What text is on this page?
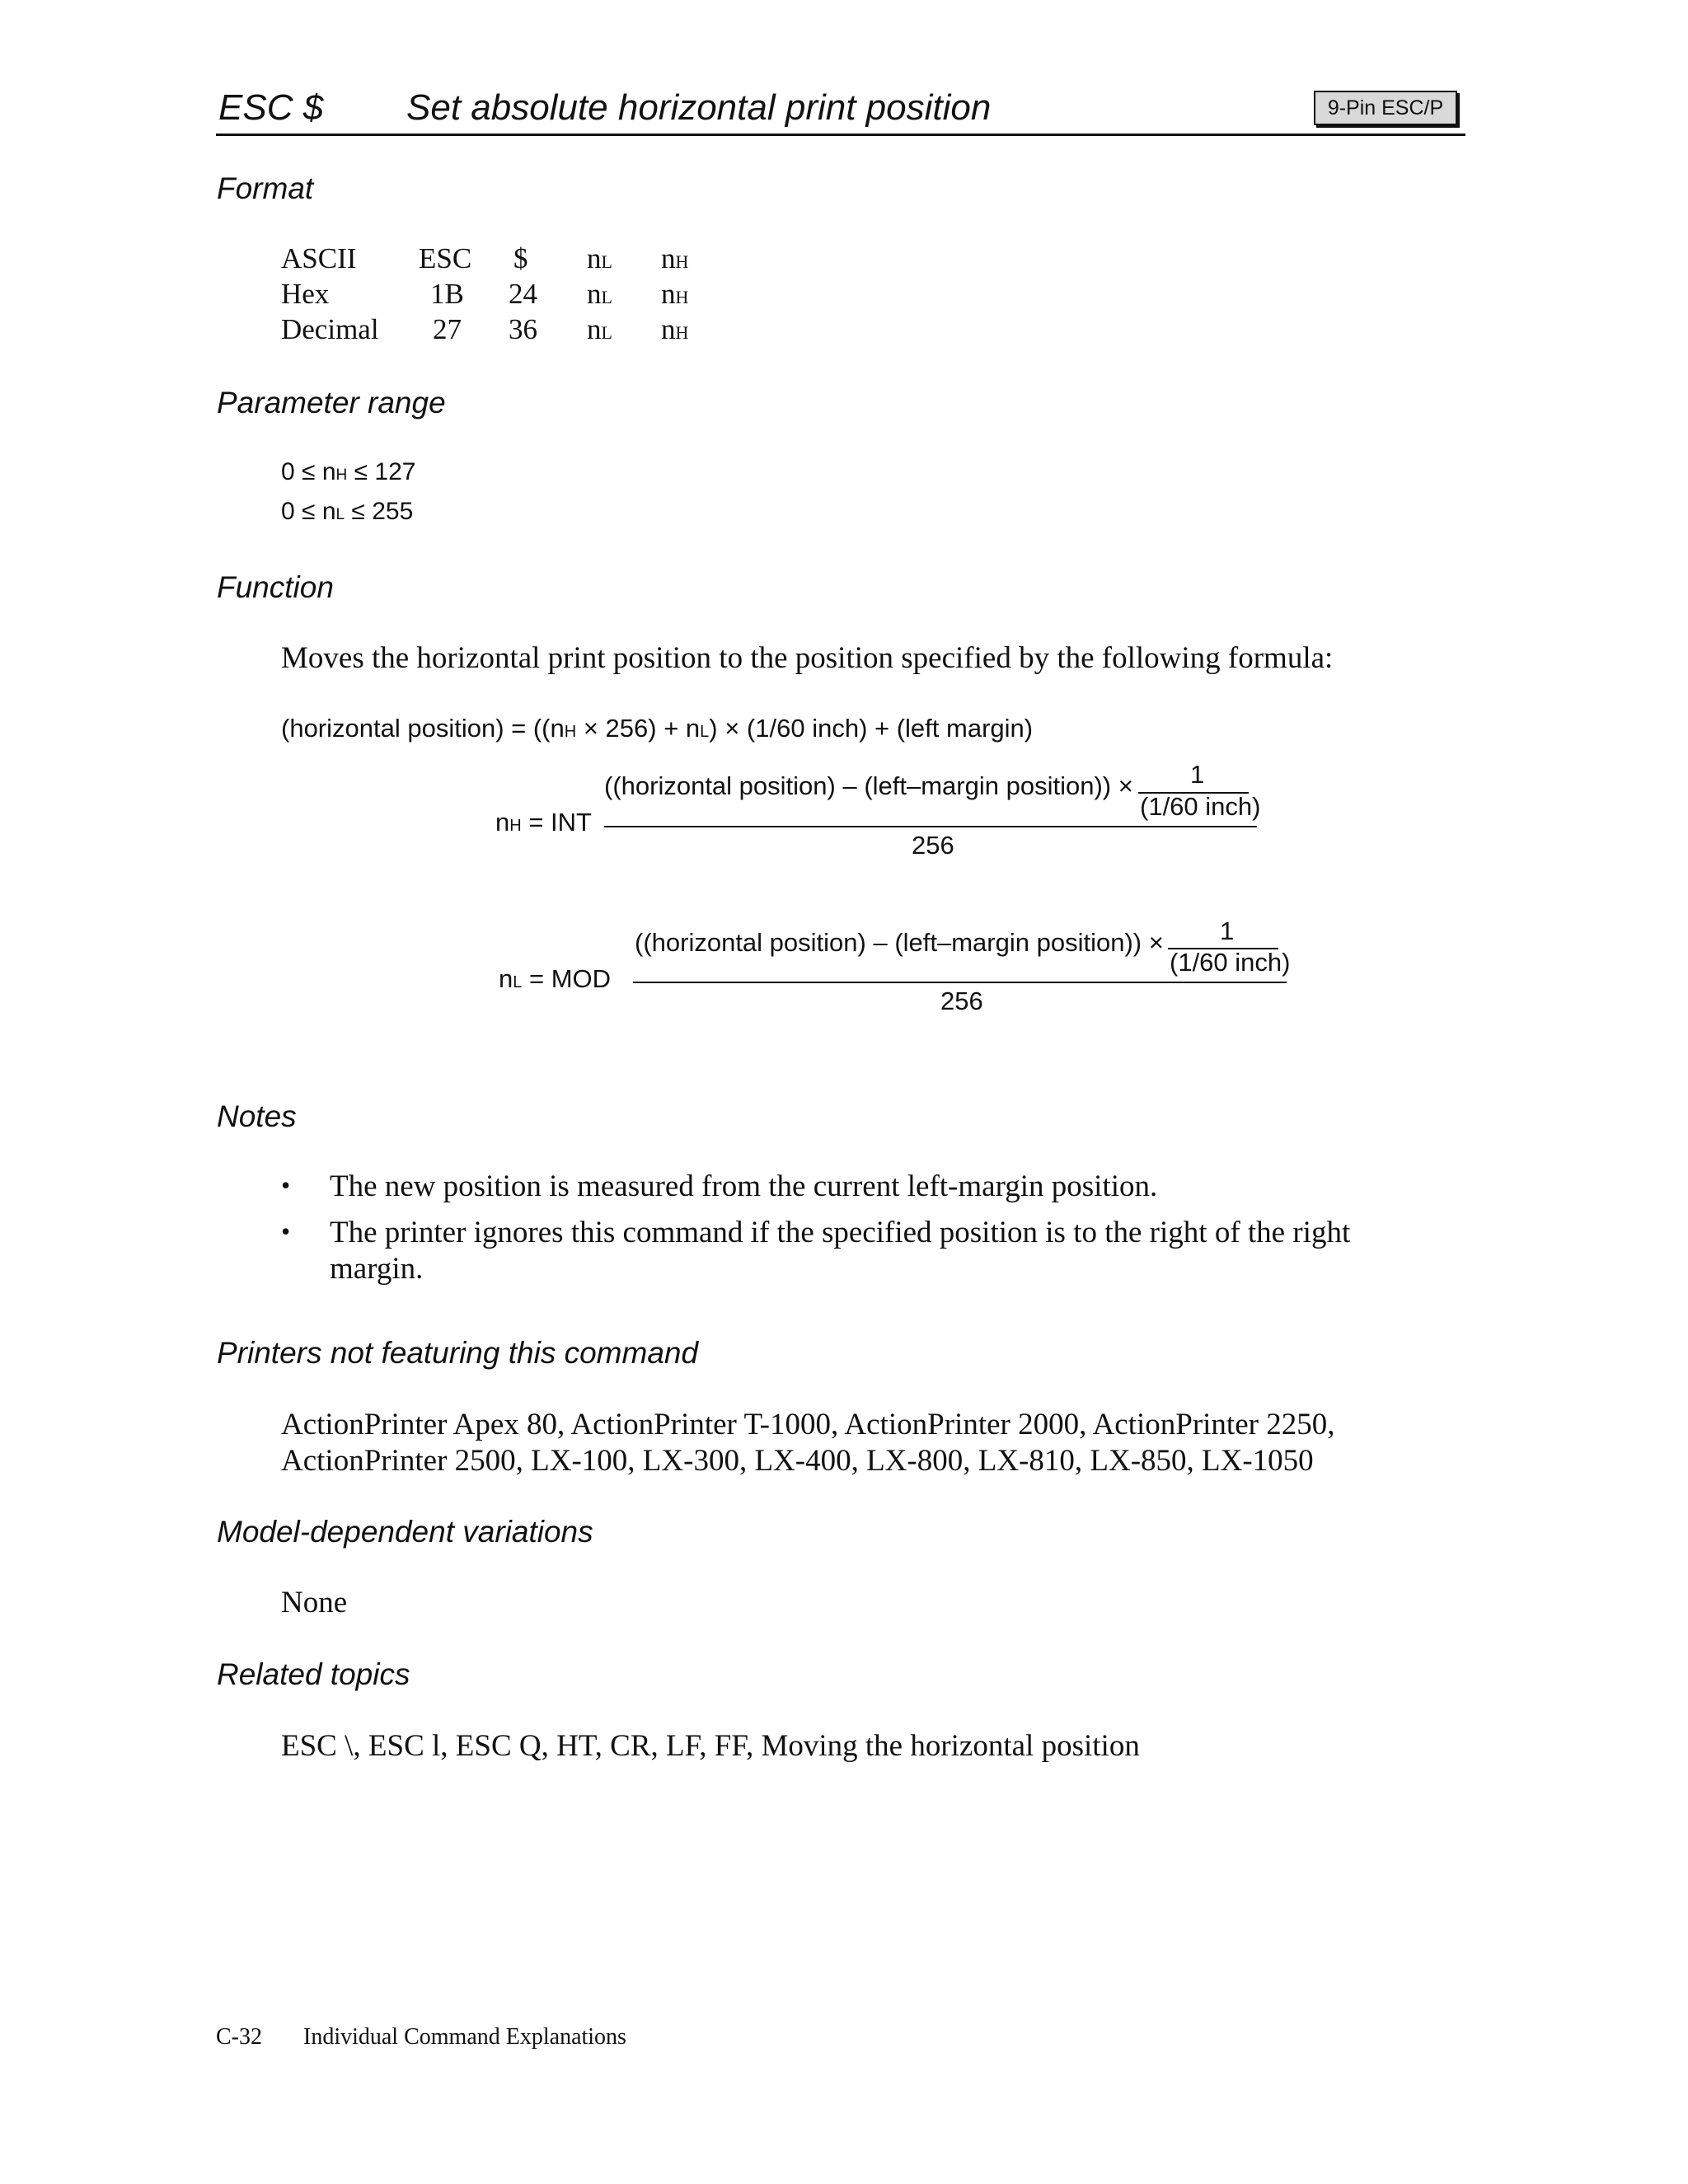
ESC $ Set absolute horizontal print position	9-Pin ESC/P
Format
ASCII ESC $ nL nH
Hex	1B 24 nL nH
Decimal 27 36 nL nH
Parameter range
0 ≤ nH ≤ 127
0 ≤ nL ≤ 255
Function
Moves the horizontal print position to the position specified by the following formula:
(horizontal position) = ((nH × 256) + nL) × (1/60 inch) + (left margin)
nH = INT
((horizontal position) – (left–margin position)) × 1
(1/60 inch)
256
nL = MOD
((horizontal position) – (left–margin position)) × 1
(1/60 inch)
256
Notes
• The new position is measured from the current left-margin position.
• The printer ignores this command if the specified position is to the right of the right
margin.
Printers not featuring this command
ActionPrinter Apex 80, ActionPrinter T-1000, ActionPrinter 2000, ActionPrinter 2250,
ActionPrinter 2500, LX-100, LX-300, LX-400, LX-800, LX-810, LX-850, LX-1050
Model-dependent variations
None
Related topics
ESC \, ESC l, ESC Q, HT, CR, LF, FF, Moving the horizontal position
C-32 Individual Command Explanations
